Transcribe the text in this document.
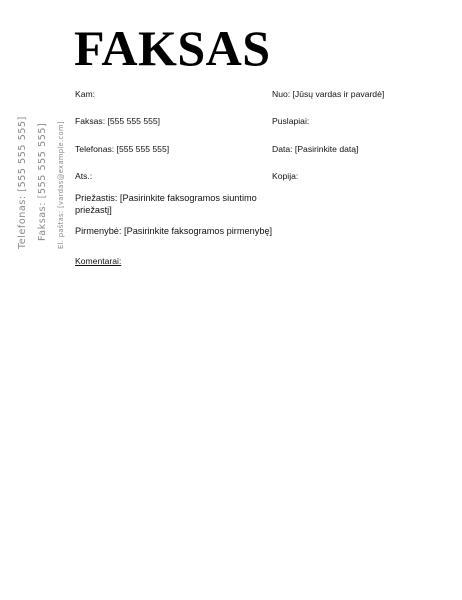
FAKSAS
Kam:
Faksas: [555 555 555]
Telefonas: [555 555 555]
Ats.:
Priežastis: [Pasirinkite faksogramos siuntimo priežastį]
Pirmenybė: [Pasirinkite faksogramos pirmenybę]
Komentarai:
Nuo: [Jūsų vardas ir pavardė]
Puslapiai:
Data: [Pasirinkite datą]
Kopija:
Telefonas: [555 555 555] Faksas: [555 555 555] El. paštas: [vardas@example.com]
